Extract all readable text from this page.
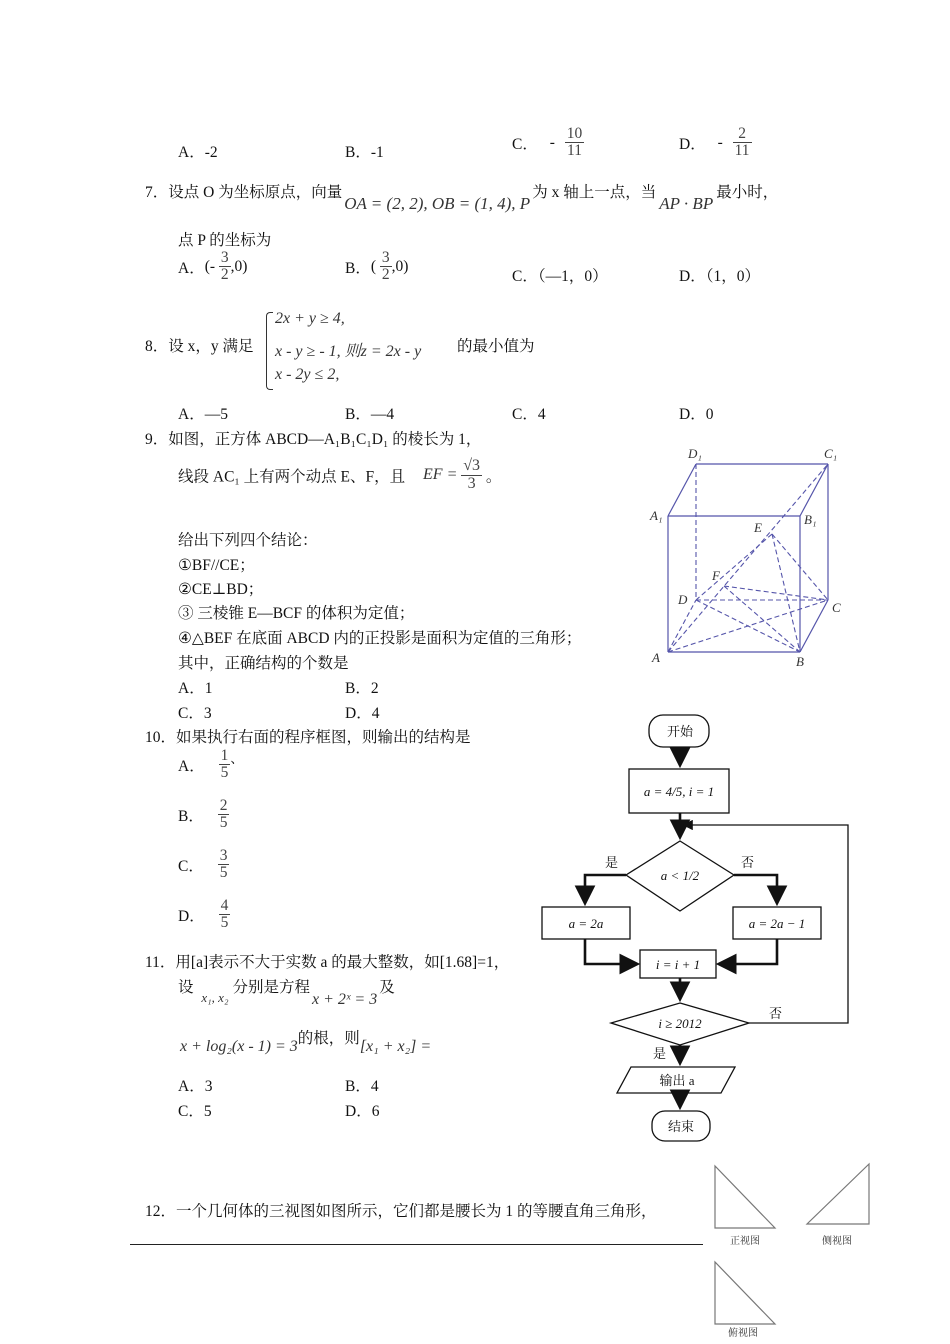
A．-2	B．-1	C． - $\frac{10}{11}$	D． - $\frac{2}{11}$
7．设点 O 为坐标原点，向量OA = (2, 2), OB = (1, 4), P为 x 轴上一点，当AP · BP最小时，
点 P 的坐标为
A．(- $\frac{3}{2} ,0$)	B．( $\frac{3}{2} ,0$)
C．（—1，0）	D．（1，0）
8．设 x，y 满足
2x + y ≥ 4,
x - y ≥ - 1, 则z = 2x - y
x - 2y ≤ 2,
的最小值为
A．—5	B．—4	C．4	D．0
9．如图，正方体 ABCD—A₁B₁C₁D₁ 的棱长为 1，
线段 AC₁ 上有两个动点 E、F，且 EF = $\frac{√3}{3}$ 。
给出下列四个结论：
①BF//CE；
②CE⊥BD；
③ 三棱锥 E—BCF 的体积为定值；
④△BEF 在底面 ABCD 内的正投影是面积为定值的三角形；
其中，正确结构的个数是
A．1	B．2
C．3	D．4
D₁	C₁
A₁	B₁
E
F
D
C
A	B
10．如果执行右面的程序框图，则输出的结构是
A． $\frac{1}{5} ^、$
B． $\frac{2}{5}$
C． $\frac{3}{5}$
D． $\frac{4}{5}$
开始
a = 4/5, i = 1
a < 1/2
是	否
a = 2a	a = 2a − 1
i = i + 1
i ≥ 2012
否
是
输出 a
结束
11．用[a]表示不大于实数 a 的最大整数，如[1.68]=1，
设 $_{x_1, x_2}$分别是方程x + 2ˣ = 3及
x + log₂(x - 1) = 3的根，则[x₁ + x₂] =
A．3	B．4
C．5	D．6
12．一个几何体的三视图如图所示，它们都是腰长为 1 的等腰直角三角形，
正视图	侧视图
俯视图
